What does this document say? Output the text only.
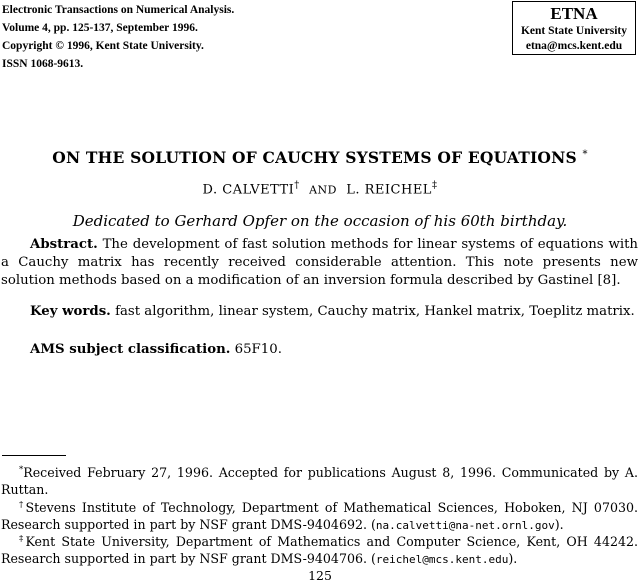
Electronic Transactions on Numerical Analysis.
Volume 4, pp. 125-137, September 1996.
Copyright © 1996, Kent State University.
ISSN 1068-9613.
ETNA
Kent State University
etna@mcs.kent.edu
ON THE SOLUTION OF CAUCHY SYSTEMS OF EQUATIONS *
D. CALVETTI† AND L. REICHEL‡
Dedicated to Gerhard Opfer on the occasion of his 60th birthday.
Abstract. The development of fast solution methods for linear systems of equations with a Cauchy matrix has recently received considerable attention. This note presents new solution methods based on a modification of an inversion formula described by Gastinel [8].
Key words. fast algorithm, linear system, Cauchy matrix, Hankel matrix, Toeplitz matrix.
AMS subject classification. 65F10.
*Received February 27, 1996. Accepted for publications August 8, 1996. Communicated by A. Ruttan.
†Stevens Institute of Technology, Department of Mathematical Sciences, Hoboken, NJ 07030. Research supported in part by NSF grant DMS-9404692. (na.calvetti@na-net.ornl.gov).
‡Kent State University, Department of Mathematics and Computer Science, Kent, OH 44242. Research supported in part by NSF grant DMS-9404706. (reichel@mcs.kent.edu).
125
